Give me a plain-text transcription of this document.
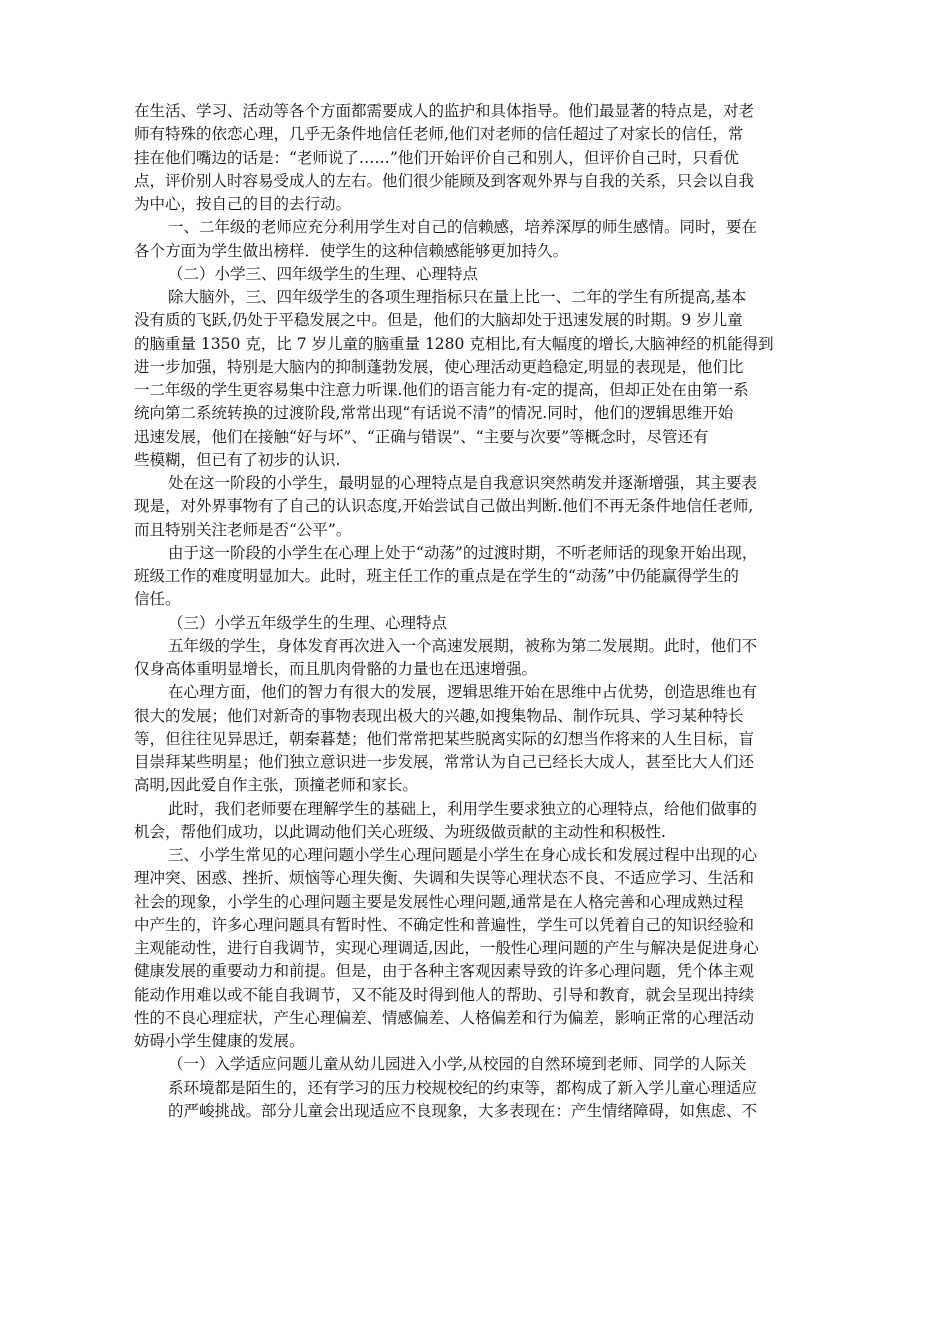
在生活、学习、活动等各个方面都需要成人的监护和具体指导。他们最显著的特点是，对老
师有特殊的依恋心理，几乎无条件地信任老师,他们对老师的信任超过了对家长的信任，常
挂在他们嘴边的话是：“老师说了……”他们开始评价自己和别人，但评价自己时，只看优
点，评价别人时容易受成人的左右。他们很少能顾及到客观外界与自我的关系，只会以自我
为中心，按自己的目的去行动。
一、二年级的老师应充分利用学生对自己的信赖感，培养深厚的师生感情。同时，要在
各个方面为学生做出榜样．使学生的这种信赖感能够更加持久。
（二）小学三、四年级学生的生理、心理特点
除大脑外，三、四年级学生的各项生理指标只在量上比一、二年的学生有所提高,基本
没有质的飞跃,仍处于平稳发展之中。但是，他们的大脑却处于迅速发展的时期。9 岁儿童
的脑重量 1350 克，比 7 岁儿童的脑重量 1280 克相比,有大幅度的增长,大脑神经的机能得到
进一步加强，特别是大脑内的抑制蓬勃发展，使心理活动更趋稳定,明显的表现是，他们比
一二年级的学生更容易集中注意力听课.他们的语言能力有-定的提高，但却正处在由第一系
统向第二系统转换的过渡阶段,常常出现“有话说不清”的情况.同时，他们的逻辑思维开始
迅速发展，他们在接触“好与坏”、“正确与错误”、“主要与次要”等概念时，尽管还有
些模糊，但已有了初步的认识.
处在这一阶段的小学生，最明显的心理特点是自我意识突然萌发并逐渐增强，其主要表
现是，对外界事物有了自己的认识态度,开始尝试自己做出判断.他们不再无条件地信任老师,
而且特别关注老师是否“公平”。
由于这一阶段的小学生在心理上处于“动荡”的过渡时期，不听老师话的现象开始出现，
班级工作的难度明显加大。此时，班主任工作的重点是在学生的“动荡”中仍能赢得学生的
信任。
（三）小学五年级学生的生理、心理特点
五年级的学生，身体发育再次进入一个高速发展期，被称为第二发展期。此时，他们不
仅身高体重明显增长，而且肌肉骨骼的力量也在迅速增强。
在心理方面，他们的智力有很大的发展，逻辑思维开始在思维中占优势，创造思维也有
很大的发展；他们对新奇的事物表现出极大的兴趣,如搜集物品、制作玩具、学习某种特长
等，但往往见异思迁，朝秦暮楚；他们常常把某些脱离实际的幻想当作将来的人生目标，盲
目崇拜某些明星；他们独立意识进一步发展，常常认为自己已经长大成人，甚至比大人们还
高明,因此爱自作主张，顶撞老师和家长。
此时，我们老师要在理解学生的基础上，利用学生要求独立的心理特点，给他们做事的
机会，帮他们成功，以此调动他们关心班级、为班级做贡献的主动性和积极性.
三、小学生常见的心理问题小学生心理问题是小学生在身心成长和发展过程中出现的心
理冲突、困惑、挫折、烦恼等心理失衡、失调和失误等心理状态不良、不适应学习、生活和
社会的现象，小学生的心理问题主要是发展性心理问题,通常是在人格完善和心理成熟过程
中产生的，许多心理问题具有暂时性、不确定性和普遍性，学生可以凭着自己的知识经验和
主观能动性，进行自我调节，实现心理调适,因此，一般性心理问题的产生与解决是促进身心
健康发展的重要动力和前提。但是，由于各种主客观因素导致的许多心理问题，凭个体主观
能动作用难以或不能自我调节，又不能及时得到他人的帮助、引导和教育，就会呈现出持续
性的不良心理症状，产生心理偏差、情感偏差、人格偏差和行为偏差，影响正常的心理活动
妨碍小学生健康的发展。
（一）入学适应问题儿童从幼儿园进入小学,从校园的自然环境到老师、同学的人际关
系环境都是陌生的，还有学习的压力校规校纪的约束等，都构成了新入学儿童心理适应
的严峻挑战。部分儿童会出现适应不良现象，大多表现在：产生情绪障碍，如焦虑、不
